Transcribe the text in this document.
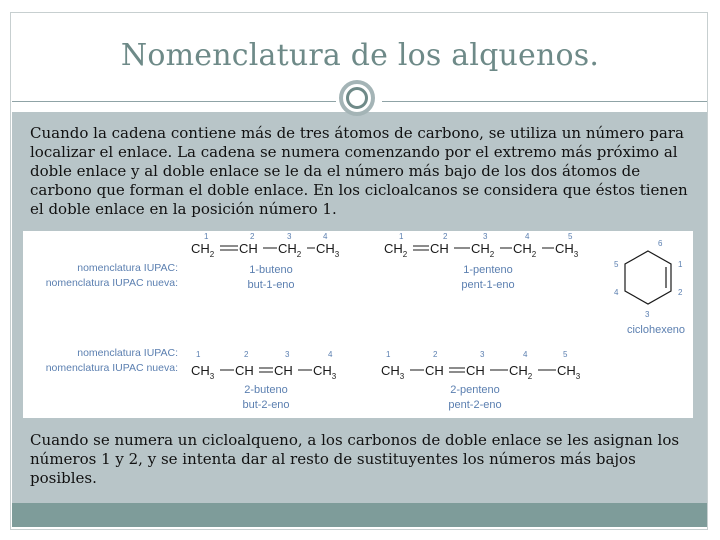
Nomenclatura de los alquenos.

Cuando la cadena contiene más de tres átomos de carbono, se utiliza un número para localizar el enlace. La cadena se numera comenzando por el extremo más próximo al doble enlace y al doble enlace se le da el número más bajo de los dos átomos de carbono que forman el doble enlace. En los cicloalcanos se considera que éstos tienen el doble enlace en la posición número 1.

nomenclatura IUPAC:
nomenclatura IUPAC nueva:
1	2	3	4
$CH_2$ CH $CH_2$ $CH_3$
1-buteno
but-1-eno
1	2	3	4	5
$CH_2$ CH $CH_2$ $CH_2$ $CH_3$
1-penteno
pent-1-eno
6
1
2
3
4
5
ciclohexeno
nomenclatura IUPAC:
nomenclatura IUPAC nueva:
1	2	3	4
$CH_3$ CH CH $CH_3$
2-buteno
but-2-eno
1	2	3	4	5
$CH_3$ CH CH $CH_2$ $CH_3$
2-penteno
pent-2-eno

Cuando se numera un cicloalqueno, a los carbonos de doble enlace se les asignan los números 1 y 2, y se intenta dar al resto de sustituyentes los números más bajos posibles.
